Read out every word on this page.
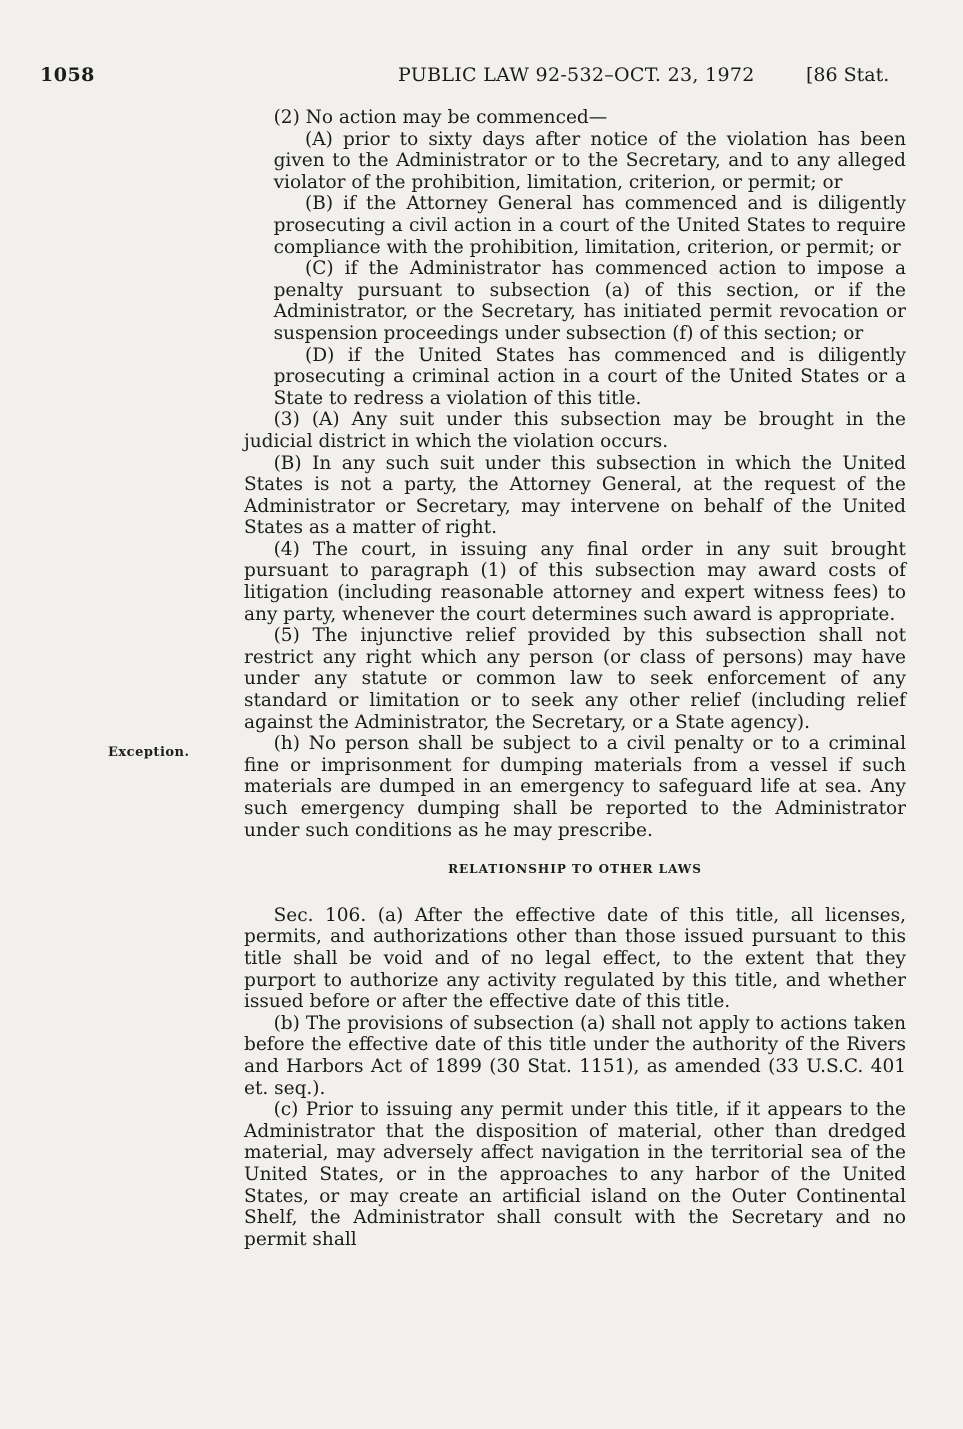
1058	PUBLIC LAW 92-532–OCT. 23, 1972	[86 Stat.
Exception.

(2) No action may be commenced—

(A) prior to sixty days after notice of the violation has been given to the Administrator or to the Secretary, and to any alleged violator of the prohibition, limitation, criterion, or permit; or

(B) if the Attorney General has commenced and is diligently prosecuting a civil action in a court of the United States to require compliance with the prohibition, limitation, criterion, or permit; or

(C) if the Administrator has commenced action to impose a penalty pursuant to subsection (a) of this section, or if the Administrator, or the Secretary, has initiated permit revocation or suspension proceedings under subsection (f) of this section; or

(D) if the United States has commenced and is diligently prosecuting a criminal action in a court of the United States or a State to redress a violation of this title.

(3) (A) Any suit under this subsection may be brought in the judicial district in which the violation occurs.

(B) In any such suit under this subsection in which the United States is not a party, the Attorney General, at the request of the Administrator or Secretary, may intervene on behalf of the United States as a matter of right.

(4) The court, in issuing any final order in any suit brought pursuant to paragraph (1) of this subsection may award costs of litigation (including reasonable attorney and expert witness fees) to any party, whenever the court determines such award is appropriate.

(5) The injunctive relief provided by this subsection shall not restrict any right which any person (or class of persons) may have under any statute or common law to seek enforcement of any standard or limitation or to seek any other relief (including relief against the Administrator, the Secretary, or a State agency).

(h) No person shall be subject to a civil penalty or to a criminal fine or imprisonment for dumping materials from a vessel if such materials are dumped in an emergency to safeguard life at sea. Any such emergency dumping shall be reported to the Administrator under such conditions as he may prescribe.

RELATIONSHIP TO OTHER LAWS

Sec. 106. (a) After the effective date of this title, all licenses, permits, and authorizations other than those issued pursuant to this title shall be void and of no legal effect, to the extent that they purport to authorize any activity regulated by this title, and whether issued before or after the effective date of this title.

(b) The provisions of subsection (a) shall not apply to actions taken before the effective date of this title under the authority of the Rivers and Harbors Act of 1899 (30 Stat. 1151), as amended (33 U.S.C. 401 et. seq.).

(c) Prior to issuing any permit under this title, if it appears to the Administrator that the disposition of material, other than dredged material, may adversely affect navigation in the territorial sea of the United States, or in the approaches to any harbor of the United States, or may create an artificial island on the Outer Continental Shelf, the Administrator shall consult with the Secretary and no permit shall
